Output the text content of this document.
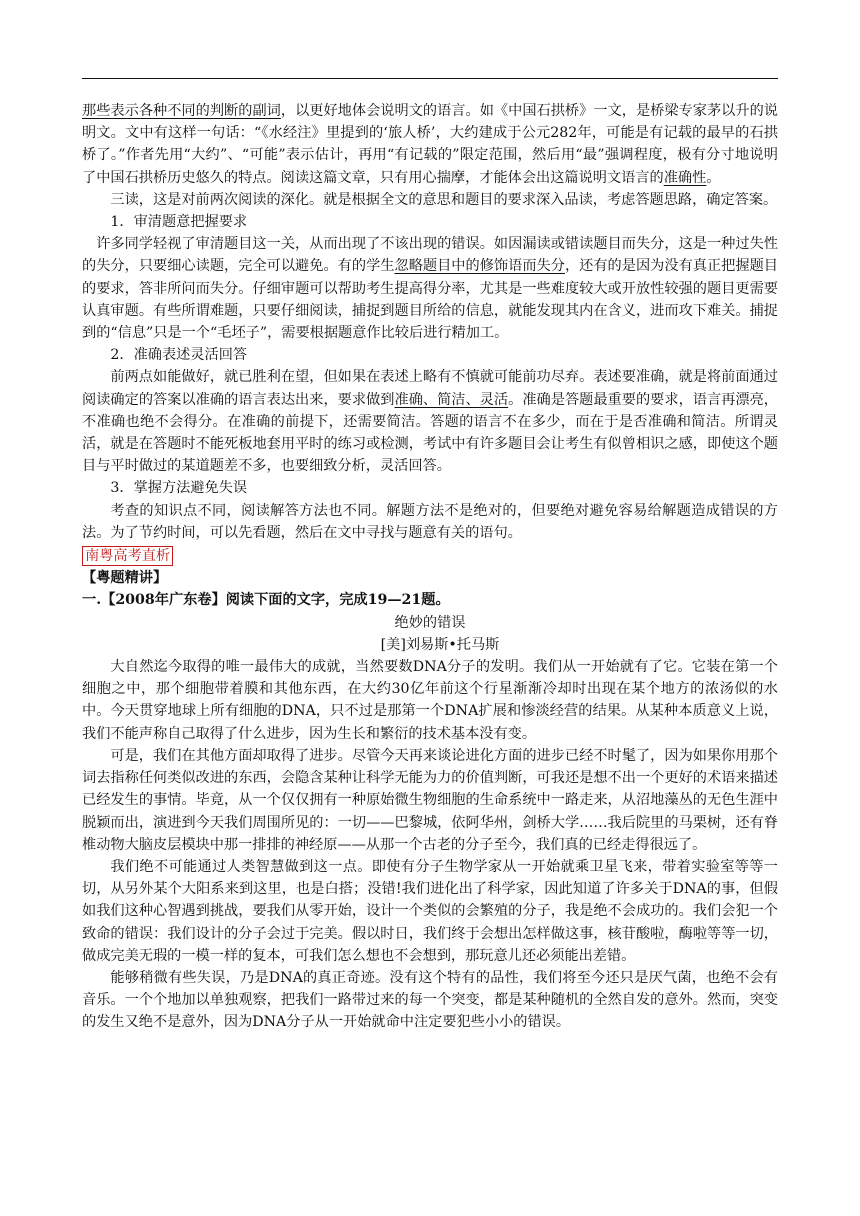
那些表示各种不同的判断的副词，以更好地体会说明文的语言。如《中国石拱桥》一文，是桥梁专家茅以升的说明文。文中有这样一句话：“《水经注》里提到的‘旅人桥’，大约建成于公元282年，可能是有记载的最早的石拱桥了。”作者先用“大约”、“可能”表示估计，再用“有记载的”限定范围，然后用“最”强调程度，极有分寸地说明了中国石拱桥历史悠久的特点。阅读这篇文章，只有用心揣摩，才能体会出这篇说明文语言的准确性。

三读，这是对前两次阅读的深化。就是根据全文的意思和题目的要求深入品读，考虑答题思路，确定答案。

1．审清题意把握要求

许多同学轻视了审清题目这一关，从而出现了不该出现的错误。如因漏读或错读题目而失分，这是一种过失性的失分，只要细心读题，完全可以避免。有的学生忽略题目中的修饰语而失分，还有的是因为没有真正把握题目的要求，答非所问而失分。仔细审题可以帮助考生提高得分率，尤其是一些难度较大或开放性较强的题目更需要认真审题。有些所谓难题，只要仔细阅读，捕捉到题目所给的信息，就能发现其内在含义，进而攻下难关。捕捉到的“信息”只是一个“毛坯子”，需要根据题意作比较后进行精加工。

2．准确表述灵活回答

前两点如能做好，就已胜利在望，但如果在表述上略有不慎就可能前功尽弃。表述要准确，就是将前面通过阅读确定的答案以准确的语言表达出来，要求做到准确、简洁、灵活。准确是答题最重要的要求，语言再漂亮，不准确也绝不会得分。在准确的前提下，还需要简洁。答题的语言不在多少，而在于是否准确和简洁。所谓灵活，就是在答题时不能死板地套用平时的练习或检测，考试中有许多题目会让考生有似曾相识之感，即使这个题目与平时做过的某道题差不多，也要细致分析，灵活回答。

3．掌握方法避免失误

考查的知识点不同，阅读解答方法也不同。解题方法不是绝对的，但要绝对避免容易给解题造成错误的方法。为了节约时间，可以先看题，然后在文中寻找与题意有关的语句。

南粤高考直析

【粤题精讲】

一.【2008年广东卷】阅读下面的文字，完成19—21题。

绝妙的错误

[美]刘易斯•托马斯

大自然迄今取得的唯一最伟大的成就，当然要数DNA分子的发明。我们从一开始就有了它。它装在第一个细胞之中，那个细胞带着膜和其他东西，在大约30亿年前这个行星渐渐冷却时出现在某个地方的浓汤似的水中。今天贯穿地球上所有细胞的DNA，只不过是那第一个DNA扩展和惨淡经营的结果。从某种本质意义上说，我们不能声称自己取得了什么进步，因为生长和繁衍的技术基本没有变。

可是，我们在其他方面却取得了进步。尽管今天再来谈论进化方面的进步已经不时髦了，因为如果你用那个词去指称任何类似改进的东西，会隐含某种让科学无能为力的价值判断，可我还是想不出一个更好的术语来描述已经发生的事情。毕竟，从一个仅仅拥有一种原始微生物细胞的生命系统中一路走来，从沼地藻丛的无色生涯中脱颖而出，演进到今天我们周围所见的：一切——巴黎城，依阿华州，剑桥大学……我后院里的马栗树，还有脊椎动物大脑皮层模块中那一排排的神经原——从那一个古老的分子至今，我们真的已经走得很远了。

我们绝不可能通过人类智慧做到这一点。即使有分子生物学家从一开始就乘卫星飞来，带着实验室等等一切，从另外某个大阳系来到这里，也是白搭；没错!我们进化出了科学家，因此知道了许多关于DNA的事，但假如我们这种心智遇到挑战，要我们从零开始，设计一个类似的会繁殖的分子，我是绝不会成功的。我们会犯一个致命的错误：我们设计的分子会过于完美。假以时日，我们终于会想出怎样做这事，核苷酸啦，酶啦等等一切，做成完美无瑕的一模一样的复本，可我们怎么想也不会想到，那玩意儿还必须能出差错。

能够稍微有些失误，乃是DNA的真正奇迹。没有这个特有的品性，我们将至今还只是厌气菌，也绝不会有音乐。一个个地加以单独观察，把我们一路带过来的每一个突变，都是某种随机的全然自发的意外。然而，突变的发生又绝不是意外，因为DNA分子从一开始就命中注定要犯些小小的错误。
